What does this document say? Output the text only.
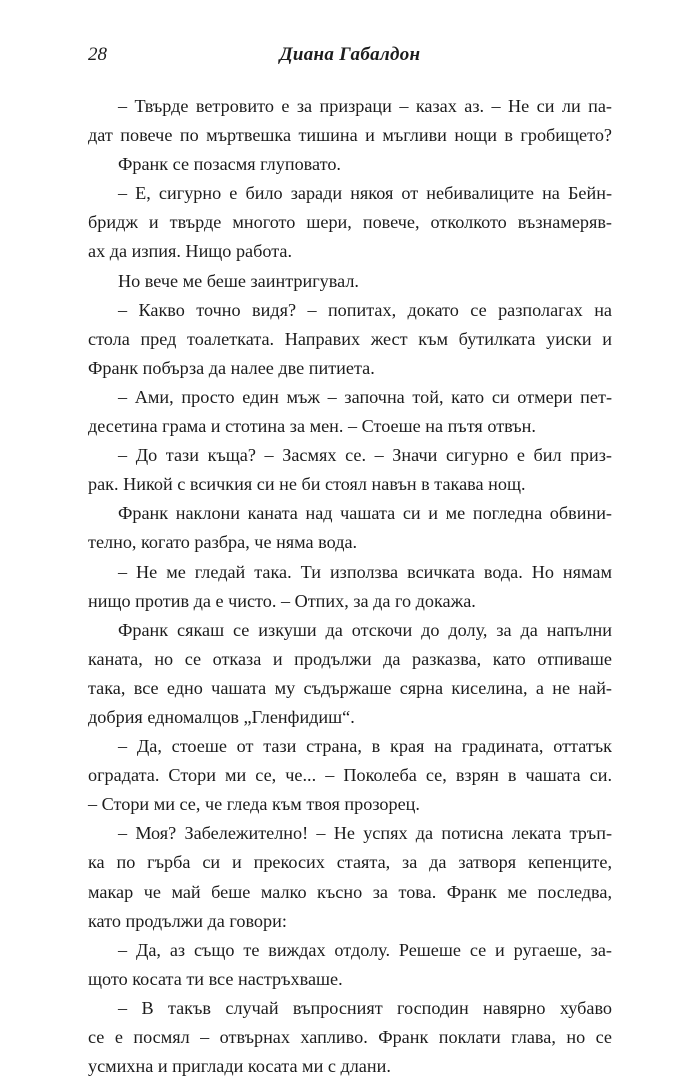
28	Диана Габалдон
– Твърде ветровито е за призраци – казах аз. – Не си ли па-
дат повече по мъртвешка тишина и мъгливи нощи в гробището?
Франк се позасмя глуповато.
– Е, сигурно е било заради някоя от небивалиците на Бейн-
бридж и твърде многото шери, повече, отколкото възнамеряв-
ах да изпия. Нищо работа.
Но вече ме беше заинтригувал.
– Какво точно видя? – попитах, докато се разполагах на
стола пред тоалетката. Направих жест към бутилката уиски и
Франк побърза да налее две питиета.
– Ами, просто един мъж – започна той, като си отмери пет-
десетина грама и стотина за мен. – Стоеше на пътя отвън.
– До тази къща? – Засмях се. – Значи сигурно е бил приз-
рак. Никой с всичкия си не би стоял навън в такава нощ.
Франк наклони каната над чашата си и ме погледна обвини-
телно, когато разбра, че няма вода.
– Не ме гледай така. Ти използва всичката вода. Но нямам
нищо против да е чисто. – Отпих, за да го докажа.
Франк сякаш се изкуши да отскочи до долу, за да напълни
каната, но се отказа и продължи да разказва, като отпиваше
така, все едно чашата му съдържаше сярна киселина, а не най-
добрия едномалцов „Гленфидиш“.
– Да, стоеше от тази страна, в края на градината, оттатък
оградата. Стори ми се, че... – Поколеба се, взрян в чашата си.
– Стори ми се, че гледа към твоя прозорец.
– Моя? Забележително! – Не успях да потисна леката тръп-
ка по гърба си и прекосих стаята, за да затворя кепенците,
макар че май беше малко късно за това. Франк ме последва,
като продължи да говори:
– Да, аз също те виждах отдолу. Решеше се и ругаеше, за-
щото косата ти все настръхваше.
– В такъв случай въпросният господин навярно хубаво
се е посмял – отвърнах хапливо. Франк поклати глава, но се
усмихна и приглади косата ми с длани.
